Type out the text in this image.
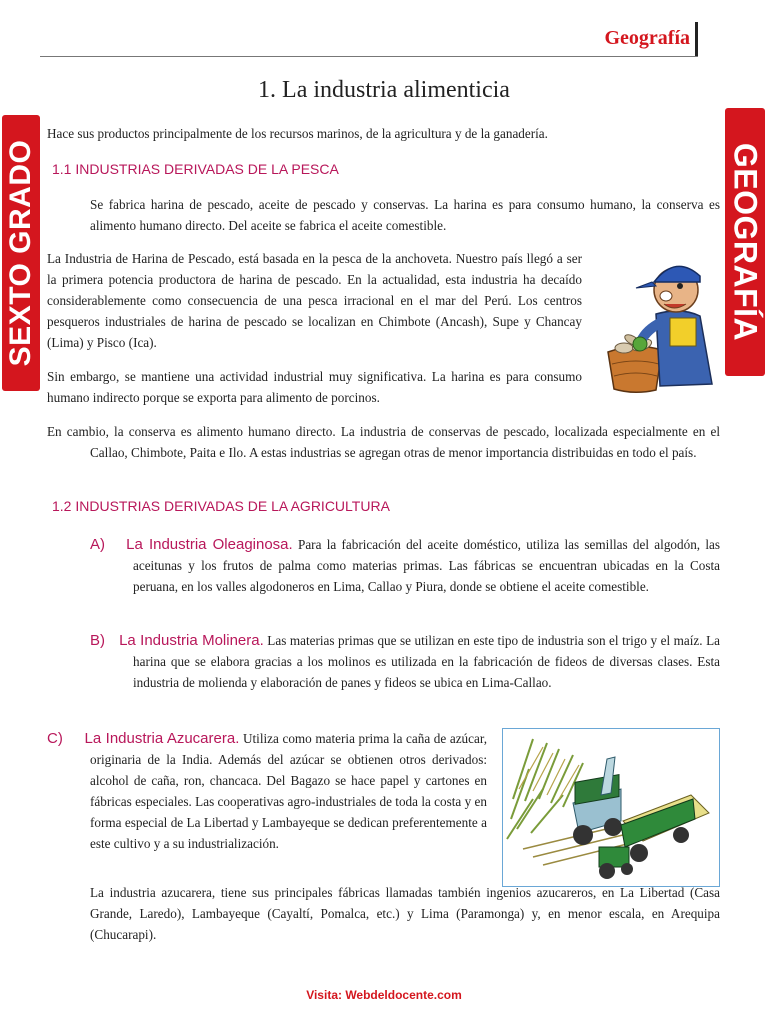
Geografía
1. La industria alimenticia
SEXTO GRADO	GEOGRAFÍA

Hace sus productos principalmente de los recursos marinos, de la agricultura y de la ganadería.

1.1 INDUSTRIAS DERIVADAS DE LA PESCA

Se fabrica harina de pescado, aceite de pescado y conservas. La harina es para consumo humano, la conserva es alimento humano directo. Del aceite se fabrica el aceite comestible.

La Industria de Harina de Pescado, está basada en la pesca de la anchoveta. Nuestro país llegó a ser la primera potencia productora de harina de pescado. En la actualidad, esta industria ha decaído considerablemente como consecuencia de una pesca irracional en el mar del Perú. Los centros pesqueros industriales de harina de pescado se localizan en Chimbote (Ancash), Supe y Chancay (Lima) y Pisco (Ica).

Sin embargo, se mantiene una actividad industrial muy significativa. La harina es para consumo humano indirecto porque se exporta para alimento de porcinos.

En cambio, la conserva es alimento humano directo. La industria de conservas de pescado, localizada especialmente en el Callao, Chimbote, Paita e Ilo. A estas industrias se agregan otras de menor importancia distribuidas en todo el país.

1.2 INDUSTRIAS DERIVADAS DE LA AGRICULTURA

A) La Industria Oleaginosa. Para la fabricación del aceite doméstico, utiliza las semillas del algodón, las aceitunas y los frutos de palma como materias primas. Las fábricas se encuentran ubicadas en la Costa peruana, en los valles algodoneros en Lima, Callao y Piura, donde se obtiene el aceite comestible.

B) La Industria Molinera. Las materias primas que se utilizan en este tipo de industria son el trigo y el maíz. La harina que se elabora gracias a los molinos es utilizada en la fabricación de fideos de diversas clases. Esta industria de molienda y elaboración de panes y fideos se ubica en Lima-Callao.

C) La Industria Azucarera. Utiliza como materia prima la caña de azúcar, originaria de la India. Además del azúcar se obtienen otros derivados: alcohol de caña, ron, chancaca. Del Bagazo se hace papel y cartones en fábricas especiales. Las cooperativas agro-industriales de toda la costa y en forma especial de La Libertad y Lambayeque se dedican preferentemente a este cultivo y a su industrialización.

La industria azucarera, tiene sus principales fábricas llamadas también ingenios azucareros, en La Libertad (Casa Grande, Laredo), Lambayeque (Cayaltí, Pomalca, etc.) y Lima (Paramonga) y, en menor escala, en Arequipa (Chucarapi).

Visita: Webdeldocente.com
